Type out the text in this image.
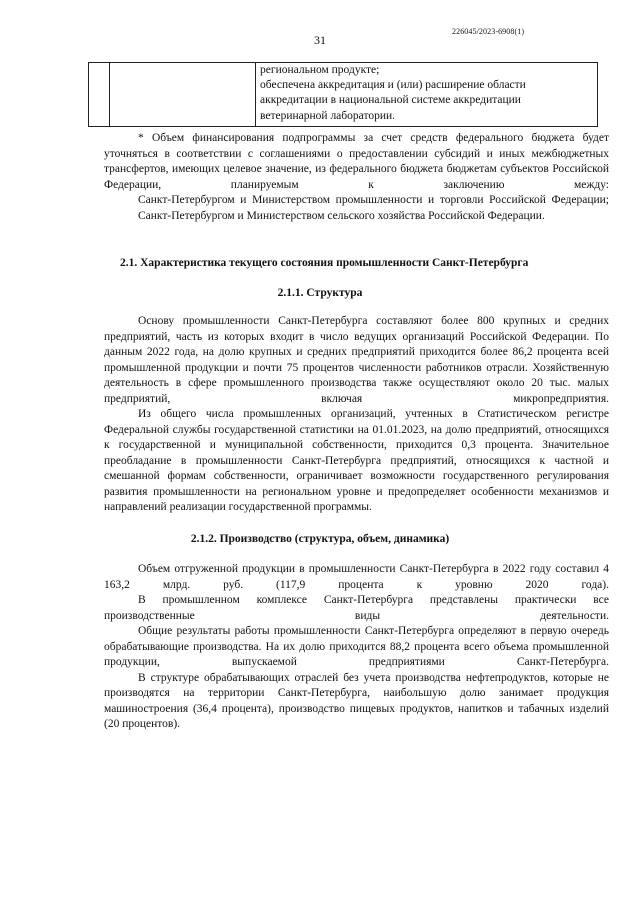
226045/2023-6908(1)
31

региональном продукте;
обеспечена аккредитация и (или) расширение области
аккредитации в национальной системе аккредитации
ветеринарной лаборатории.

* Объем финансирования подпрограммы за счет средств федерального бюджета будет уточняться в соответствии с соглашениями о предоставлении субсидий и иных межбюджетных трансфертов, имеющих целевое значение, из федерального бюджета бюджетам субъектов Российской Федерации, планируемым к заключению между:

Санкт-Петербургом и Министерством промышленности и торговли Российской Федерации;

Санкт-Петербургом и Министерством сельского хозяйства Российской Федерации.

2.1. Характеристика текущего состояния промышленности Санкт-Петербурга

2.1.1. Структура

Основу промышленности Санкт-Петербурга составляют более 800 крупных и средних предприятий, часть из которых входит в число ведущих организаций Российской Федерации. По данным 2022 года, на долю крупных и средних предприятий приходится более 86,2 процента всей промышленной продукции и почти 75 процентов численности работников отрасли. Хозяйственную деятельность в сфере промышленного производства также осуществляют около 20 тыс. малых предприятий, включая микропредприятия.

Из общего числа промышленных организаций, учтенных в Статистическом регистре Федеральной службы государственной статистики на 01.01.2023, на долю предприятий, относящихся к государственной и муниципальной собственности, приходится 0,3 процента. Значительное преобладание в промышленности Санкт-Петербурга предприятий, относящихся к частной и смешанной формам собственности, ограничивает возможности государственного регулирования развития промышленности на региональном уровне и предопределяет особенности механизмов и направлений реализации государственной программы.

2.1.2. Производство (структура, объем, динамика)

Объем отгруженной продукции в промышленности Санкт-Петербурга в 2022 году составил 4 163,2 млрд. руб. (117,9 процента к уровню 2020 года).

В промышленном комплексе Санкт-Петербурга представлены практически все производственные виды деятельности.

Общие результаты работы промышленности Санкт-Петербурга определяют в первую очередь обрабатывающие производства. На их долю приходится 88,2 процента всего объема промышленной продукции, выпускаемой предприятиями Санкт-Петербурга.

В структуре обрабатывающих отраслей без учета производства нефтепродуктов, которые не производятся на территории Санкт-Петербурга, наибольшую долю занимает продукция машиностроения (36,4 процента), производство пищевых продуктов, напитков и табачных изделий (20 процентов).
